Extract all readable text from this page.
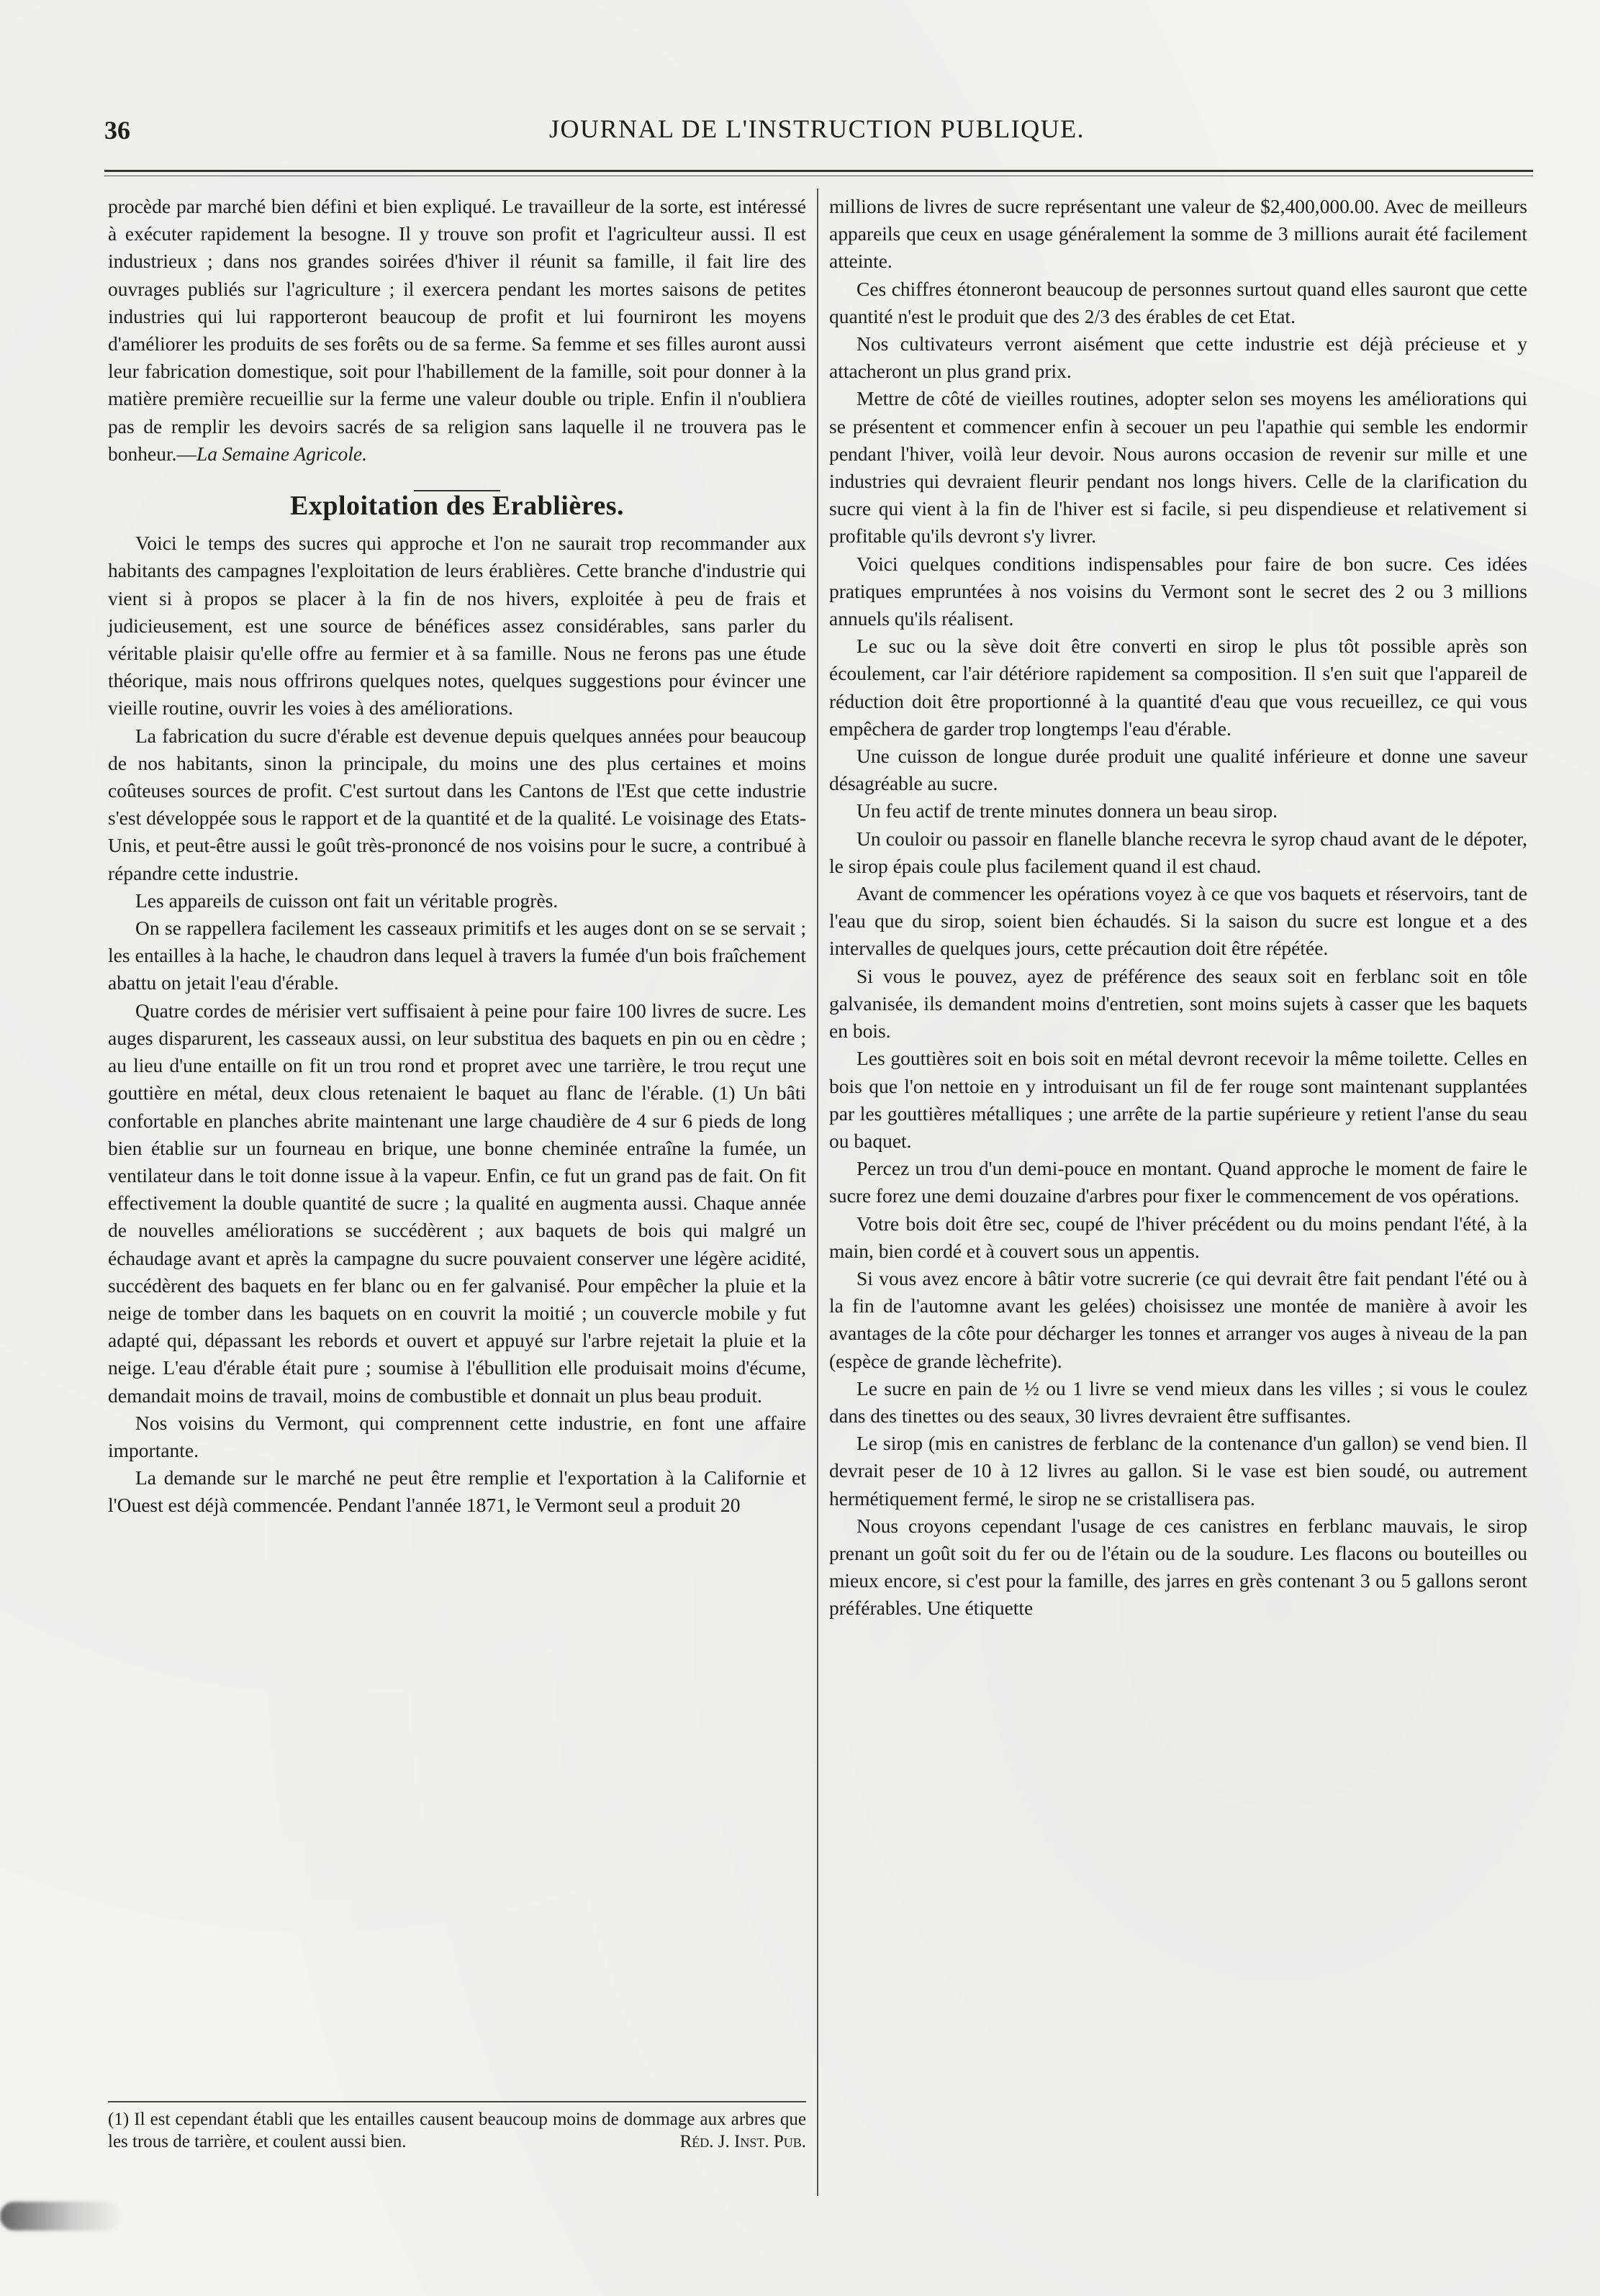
36	JOURNAL DE L'INSTRUCTION PUBLIQUE.

procède par marché bien défini et bien expliqué. Le travailleur de la sorte, est intéressé à exécuter rapidement la besogne. Il y trouve son profit et l'agriculteur aussi. Il est industrieux ; dans nos grandes soirées d'hiver il réunit sa famille, il fait lire des ouvrages publiés sur l'agriculture ; il exercera pendant les mortes saisons de petites industries qui lui rapporteront beaucoup de profit et lui fourniront les moyens d'améliorer les produits de ses forêts ou de sa ferme. Sa femme et ses filles auront aussi leur fabrication domestique, soit pour l'habillement de la famille, soit pour donner à la matière première recueillie sur la ferme une valeur double ou triple. Enfin il n'oubliera pas de remplir les devoirs sacrés de sa religion sans laquelle il ne trouvera pas le bonheur.—La Semaine Agricole.

Exploitation des Erablières.

Voici le temps des sucres qui approche et l'on ne saurait trop recommander aux habitants des campagnes l'exploitation de leurs érablières. Cette branche d'industrie qui vient si à propos se placer à la fin de nos hivers, exploitée à peu de frais et judicieusement, est une source de bénéfices assez considérables, sans parler du véritable plaisir qu'elle offre au fermier et à sa famille. Nous ne ferons pas une étude théorique, mais nous offrirons quelques notes, quelques suggestions pour évincer une vieille routine, ouvrir les voies à des améliorations.

La fabrication du sucre d'érable est devenue depuis quelques années pour beaucoup de nos habitants, sinon la principale, du moins une des plus certaines et moins coûteuses sources de profit. C'est surtout dans les Cantons de l'Est que cette industrie s'est développée sous le rapport et de la quantité et de la qualité. Le voisinage des Etats-Unis, et peut-être aussi le goût très-prononcé de nos voisins pour le sucre, a contribué à répandre cette industrie.

Les appareils de cuisson ont fait un véritable progrès.

On se rappellera facilement les casseaux primitifs et les auges dont on se se servait ; les entailles à la hache, le chaudron dans lequel à travers la fumée d'un bois fraîchement abattu on jetait l'eau d'érable.

Quatre cordes de mérisier vert suffisaient à peine pour faire 100 livres de sucre. Les auges disparurent, les casseaux aussi, on leur substitua des baquets en pin ou en cèdre ; au lieu d'une entaille on fit un trou rond et propret avec une tarrière, le trou reçut une gouttière en métal, deux clous retenaient le baquet au flanc de l'érable. (1) Un bâti confortable en planches abrite maintenant une large chaudière de 4 sur 6 pieds de long bien établie sur un fourneau en brique, une bonne cheminée entraîne la fumée, un ventilateur dans le toit donne issue à la vapeur. Enfin, ce fut un grand pas de fait. On fit effectivement la double quantité de sucre ; la qualité en augmenta aussi. Chaque année de nouvelles améliorations se succédèrent ; aux baquets de bois qui malgré un échaudage avant et après la campagne du sucre pouvaient conserver une légère acidité, succédèrent des baquets en fer blanc ou en fer galvanisé. Pour empêcher la pluie et la neige de tomber dans les baquets on en couvrit la moitié ; un couvercle mobile y fut adapté qui, dépassant les rebords et ouvert et appuyé sur l'arbre rejetait la pluie et la neige. L'eau d'érable était pure ; soumise à l'ébullition elle produisait moins d'écume, demandait moins de travail, moins de combustible et donnait un plus beau produit.

Nos voisins du Vermont, qui comprennent cette industrie, en font une affaire importante.

La demande sur le marché ne peut être remplie et l'exportation à la Californie et l'Ouest est déjà commencée. Pendant l'année 1871, le Vermont seul a produit 20

millions de livres de sucre représentant une valeur de $2,400,000.00. Avec de meilleurs appareils que ceux en usage généralement la somme de 3 millions aurait été facilement atteinte.

Ces chiffres étonneront beaucoup de personnes surtout quand elles sauront que cette quantité n'est le produit que des 2/3 des érables de cet Etat.

Nos cultivateurs verront aisément que cette industrie est déjà précieuse et y attacheront un plus grand prix.

Mettre de côté de vieilles routines, adopter selon ses moyens les améliorations qui se présentent et commencer enfin à secouer un peu l'apathie qui semble les endormir pendant l'hiver, voilà leur devoir. Nous aurons occasion de revenir sur mille et une industries qui devraient fleurir pendant nos longs hivers. Celle de la clarification du sucre qui vient à la fin de l'hiver est si facile, si peu dispendieuse et relativement si profitable qu'ils devront s'y livrer.

Voici quelques conditions indispensables pour faire de bon sucre. Ces idées pratiques empruntées à nos voisins du Vermont sont le secret des 2 ou 3 millions annuels qu'ils réalisent.

Le suc ou la sève doit être converti en sirop le plus tôt possible après son écoulement, car l'air détériore rapidement sa composition. Il s'en suit que l'appareil de réduction doit être proportionné à la quantité d'eau que vous recueillez, ce qui vous empêchera de garder trop longtemps l'eau d'érable.

Une cuisson de longue durée produit une qualité inférieure et donne une saveur désagréable au sucre.

Un feu actif de trente minutes donnera un beau sirop.

Un couloir ou passoir en flanelle blanche recevra le syrop chaud avant de le dépoter, le sirop épais coule plus facilement quand il est chaud.

Avant de commencer les opérations voyez à ce que vos baquets et réservoirs, tant de l'eau que du sirop, soient bien échaudés. Si la saison du sucre est longue et a des intervalles de quelques jours, cette précaution doit être répétée.

Si vous le pouvez, ayez de préférence des seaux soit en ferblanc soit en tôle galvanisée, ils demandent moins d'entretien, sont moins sujets à casser que les baquets en bois.

Les gouttières soit en bois soit en métal devront recevoir la même toilette. Celles en bois que l'on nettoie en y introduisant un fil de fer rouge sont maintenant supplantées par les gouttières métalliques ; une arrête de la partie supérieure y retient l'anse du seau ou baquet.

Percez un trou d'un demi-pouce en montant. Quand approche le moment de faire le sucre forez une demi douzaine d'arbres pour fixer le commencement de vos opérations.

Votre bois doit être sec, coupé de l'hiver précédent ou du moins pendant l'été, à la main, bien cordé et à couvert sous un appentis.

Si vous avez encore à bâtir votre sucrerie (ce qui devrait être fait pendant l'été ou à la fin de l'automne avant les gelées) choisissez une montée de manière à avoir les avantages de la côte pour décharger les tonnes et arranger vos auges à niveau de la pan (espèce de grande lèchefrite).

Le sucre en pain de ½ ou 1 livre se vend mieux dans les villes ; si vous le coulez dans des tinettes ou des seaux, 30 livres devraient être suffisantes.

Le sirop (mis en canistres de ferblanc de la contenance d'un gallon) se vend bien. Il devrait peser de 10 à 12 livres au gallon. Si le vase est bien soudé, ou autrement hermétiquement fermé, le sirop ne se cristallisera pas.

Nous croyons cependant l'usage de ces canistres en ferblanc mauvais, le sirop prenant un goût soit du fer ou de l'étain ou de la soudure. Les flacons ou bouteilles ou mieux encore, si c'est pour la famille, des jarres en grès contenant 3 ou 5 gallons seront préférables. Une étiquette

(1) Il est cependant établi que les entailles causent beaucoup moins de dommage aux arbres que les trous de tarrière, et coulent aussi bien.	Réd. J. Inst. Pub.
